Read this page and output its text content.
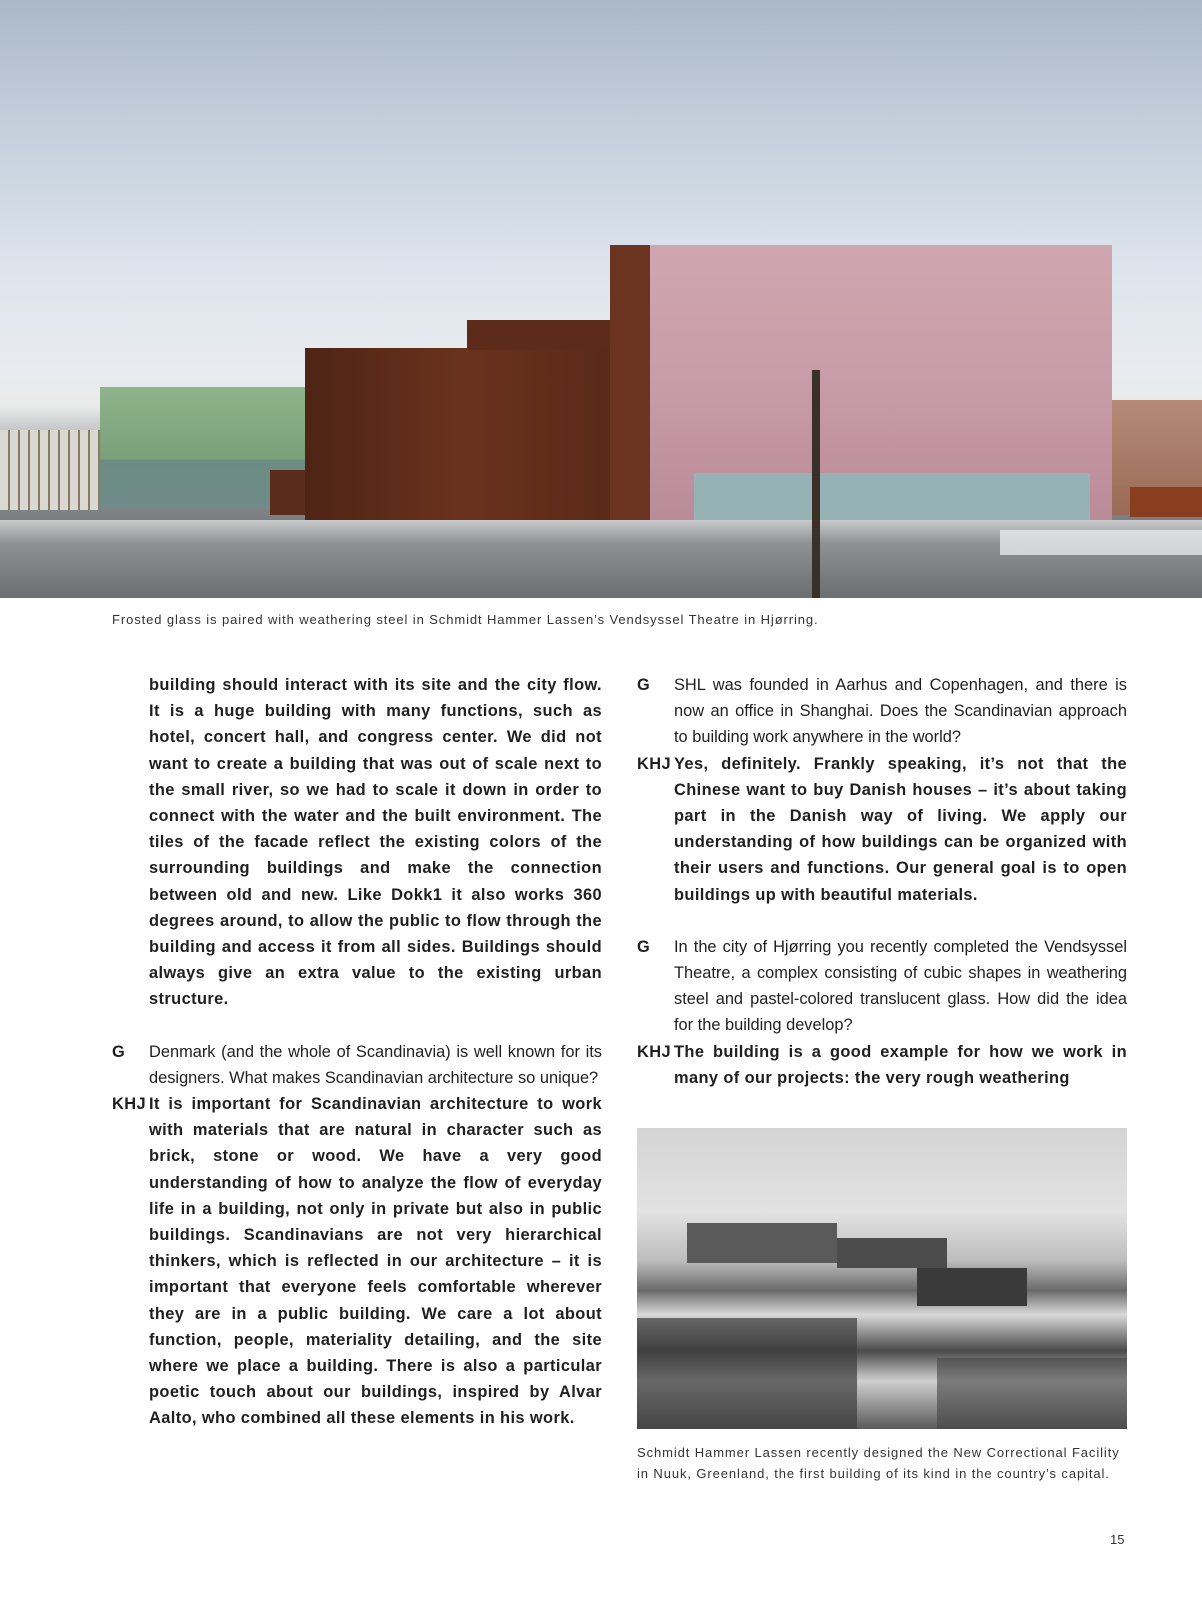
Frosted glass is paired with weathering steel in Schmidt Hammer Lassen’s Vendsyssel Theatre in Hjørring.
building should interact with its site and the city flow. It is a huge building with many functions, such as hotel, concert hall, and congress center. We did not want to create a building that was out of scale next to the small river, so we had to scale it down in order to connect with the water and the built environment. The tiles of the facade reflect the existing colors of the surrounding buildings and make the connection between old and new. Like Dokk1 it also works 360 degrees around, to allow the public to flow through the building and access it from all sides. Buildings should always give an extra value to the existing urban structure.
G Denmark (and the whole of Scandinavia) is well known for its designers. What makes Scandinavian architecture so unique?
KHJ It is important for Scandinavian architecture to work with materials that are natural in character such as brick, stone or wood. We have a very good understanding of how to analyze the flow of everyday life in a building, not only in private but also in public buildings. Scandinavians are not very hierarchical thinkers, which is reflected in our architecture – it is important that everyone feels comfortable wherever they are in a public building. We care a lot about function, people, materiality detailing, and the site where we place a building. There is also a particular poetic touch about our buildings, inspired by Alvar Aalto, who combined all these elements in his work.
G SHL was founded in Aarhus and Copenhagen, and there is now an office in Shanghai. Does the Scandinavian approach to building work anywhere in the world?
KHJ Yes, definitely. Frankly speaking, it’s not that the Chinese want to buy Danish houses – it’s about taking part in the Danish way of living. We apply our understanding of how buildings can be organized with their users and functions. Our general goal is to open buildings up with beautiful materials.
G In the city of Hjørring you recently completed the Vendsyssel Theatre, a complex consisting of cubic shapes in weathering steel and pastel-colored translucent glass. How did the idea for the building develop?
KHJ The building is a good example for how we work in many of our projects: the very rough weathering
Schmidt Hammer Lassen recently designed the New Correctional Facility in Nuuk, Greenland, the first building of its kind in the country’s capital.
15
